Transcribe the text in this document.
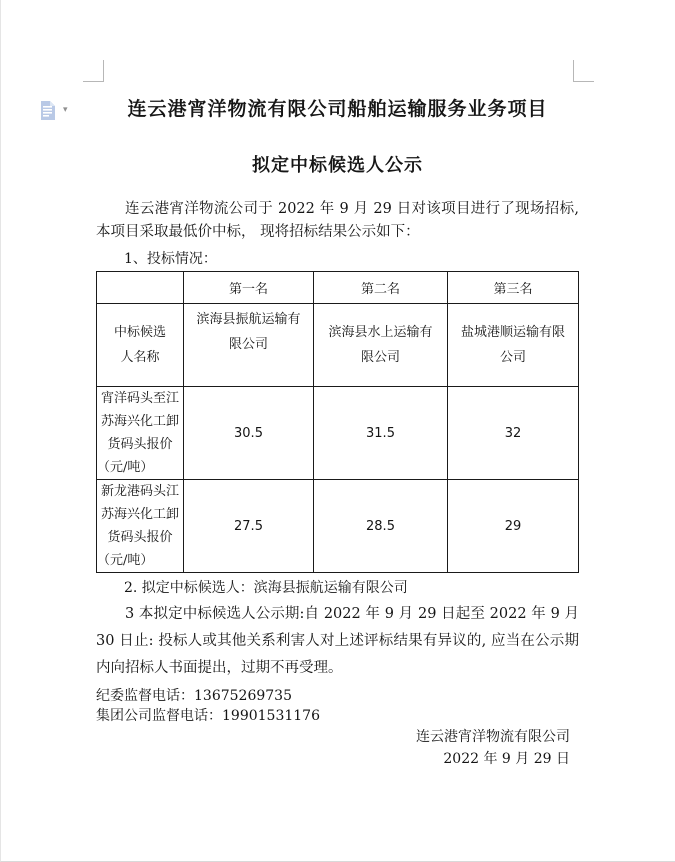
▾	连云港宵洋物流有限公司船舶运输服务业务项目
拟定中标候选人公示

连云港宵洋物流公司于 2022 年 9 月 29 日对该项目进行了现场招标, 本项目采取最低价中标， 现将招标结果公示如下：

1、投标情况：

	第一名	第二名	第三名
中标候选人名称	滨海县振航运输有限公司	滨海县水上运输有限公司	盐城港顺运输有限公司
宵洋码头至江苏海兴化工卸货码头报价（元/吨）	30.5	31.5	32
新龙港码头江苏海兴化工卸货码头报价（元/吨）	27.5	28.5	29

2. 拟定中标候选人：滨海县振航运输有限公司

3 本拟定中标候选人公示期:自 2022 年 9 月 29 日起至 2022 年 9 月 30 日止: 投标人或其他关系利害人对上述评标结果有异议的, 应当在公示期内向招标人书面提出，过期不再受理。

纪委监督电话：13675269735

集团公司监督电话：19901531176

连云港宵洋物流有限公司

2022 年 9 月 29 日
